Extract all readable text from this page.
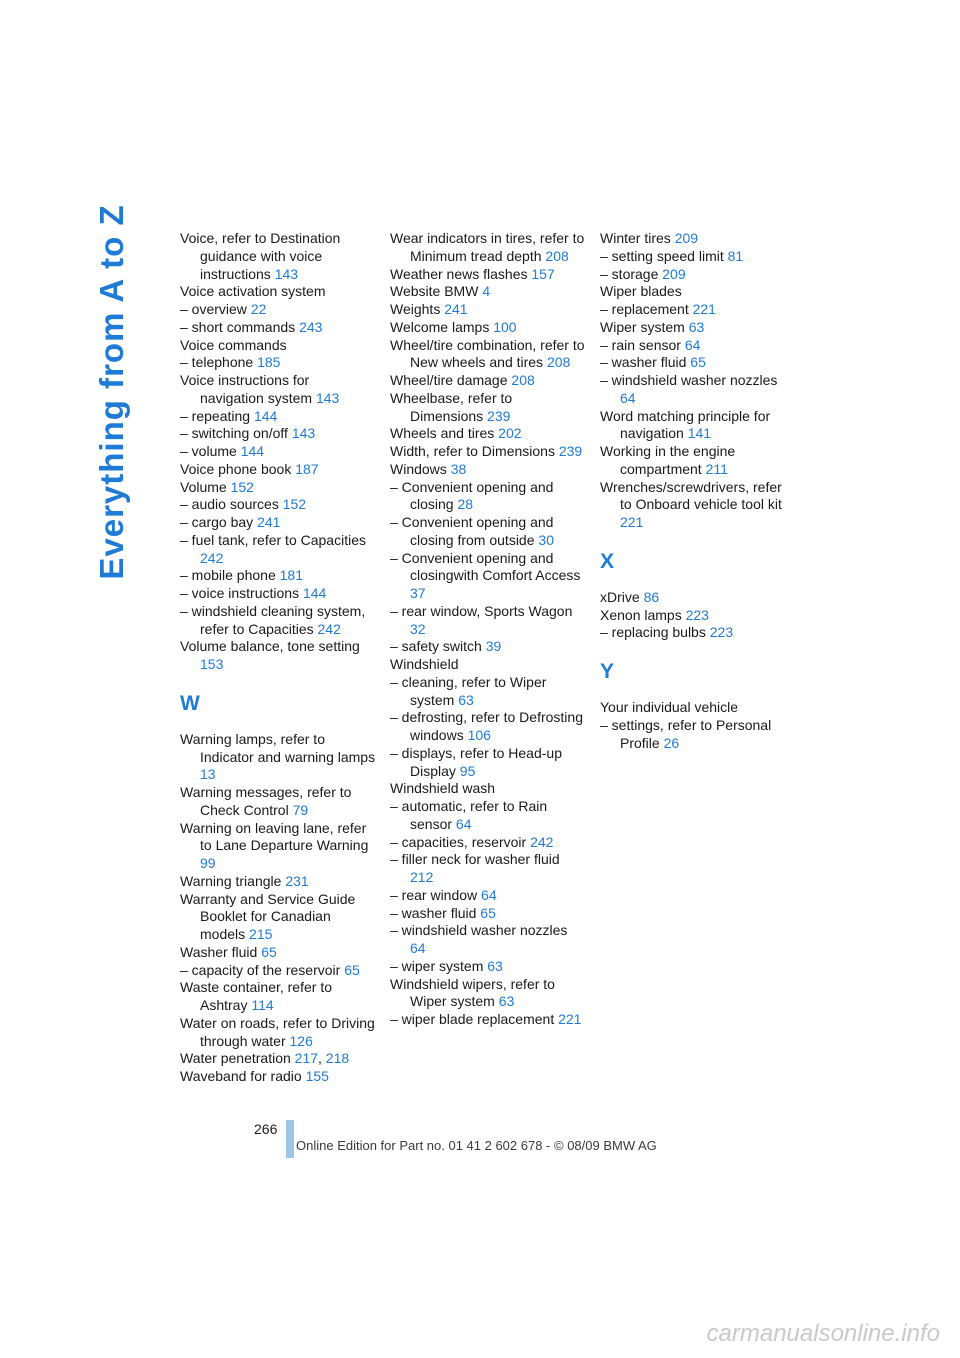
Everything from A to Z	Voice, refer to Destination guidance with voice instructions 143

Voice activation system

– overview 22

– short commands 243

Voice commands

– telephone 185

Voice instructions for navigation system 143

– repeating 144

– switching on/off 143

– volume 144

Voice phone book 187

Volume 152

– audio sources 152

– cargo bay 241

– fuel tank, refer to Capacities 242

– mobile phone 181

– voice instructions 144

– windshield cleaning system, refer to Capacities 242

Volume balance, tone setting 153

W

Warning lamps, refer to Indicator and warning lamps 13

Warning messages, refer to Check Control 79

Warning on leaving lane, refer to Lane Departure Warning 99

Warning triangle 231

Warranty and Service Guide Booklet for Canadian models 215

Washer fluid 65

– capacity of the reservoir 65

Waste container, refer to Ashtray 114

Water on roads, refer to Driving through water 126

Water penetration 217, 218

Waveband for radio 155

Wear indicators in tires, refer to Minimum tread depth 208

Weather news flashes 157

Website BMW 4

Weights 241

Welcome lamps 100

Wheel/tire combination, refer to New wheels and tires 208

Wheel/tire damage 208

Wheelbase, refer to Dimensions 239

Wheels and tires 202

Width, refer to Dimensions 239

Windows 38

– Convenient opening and closing 28

– Convenient opening and closing from outside 30

– Convenient opening and closingwith Comfort Access 37

– rear window, Sports Wagon 32

– safety switch 39

Windshield

– cleaning, refer to Wiper system 63

– defrosting, refer to Defrosting windows 106

– displays, refer to Head-up Display 95

Windshield wash

– automatic, refer to Rain sensor 64

– capacities, reservoir 242

– filler neck for washer fluid 212

– rear window 64

– washer fluid 65

– windshield washer nozzles 64

– wiper system 63

Windshield wipers, refer to Wiper system 63

– wiper blade replacement 221

Winter tires 209

– setting speed limit 81

– storage 209

Wiper blades

– replacement 221

Wiper system 63

– rain sensor 64

– washer fluid 65

– windshield washer nozzles 64

Word matching principle for navigation 141

Working in the engine compartment 211

Wrenches/screwdrivers, refer to Onboard vehicle tool kit 221

X

xDrive 86

Xenon lamps 223

– replacing bulbs 223

Y

Your individual vehicle

– settings, refer to Personal Profile 26

266
Online Edition for Part no. 01 41 2 602 678 - © 08/09 BMW AG
carmanualsonline.info
